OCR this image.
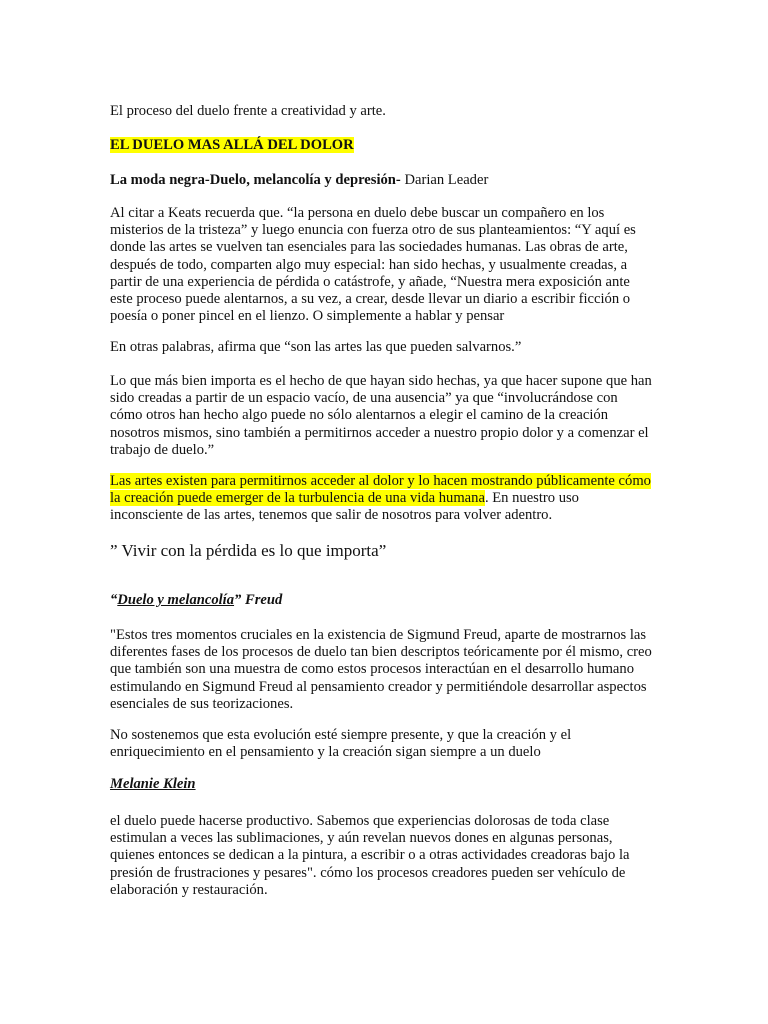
El proceso del duelo frente a creatividad y arte.

EL DUELO MAS ALLÁ DEL DOLOR

La moda negra-Duelo, melancolía y depresión- Darian Leader

Al citar a Keats recuerda que. “la persona en duelo debe buscar un compañero en los misterios de la tristeza” y luego enuncia con fuerza otro de sus planteamientos: “Y aquí es donde las artes se vuelven tan esenciales para las sociedades humanas. Las obras de arte, después de todo, comparten algo muy especial: han sido hechas, y usualmente creadas, a partir de una experiencia de pérdida o catástrofe, y añade, “Nuestra mera exposición ante este proceso puede alentarnos, a su vez, a crear, desde llevar un diario a escribir ficción o poesía o poner pincel en el lienzo. O simplemente a hablar y pensar

En otras palabras, afirma que “son las artes las que pueden salvarnos.”

Lo que más bien importa es el hecho de que hayan sido hechas, ya que hacer supone que han sido creadas a partir de un espacio vacío, de una ausencia” ya que “involucrándose con cómo otros han hecho algo puede no sólo alentarnos a elegir el camino de la creación nosotros mismos, sino también a permitirnos acceder a nuestro propio dolor y a comenzar el trabajo de duelo.”

Las artes existen para permitirnos acceder al dolor y lo hacen mostrando públicamente cómo la creación puede emerger de la turbulencia de una vida humana. En nuestro uso inconsciente de las artes, tenemos que salir de nosotros para volver adentro.

” Vivir con la pérdida es lo que importa”

“Duelo y melancolía” Freud

"Estos tres momentos cruciales en la existencia de Sigmund Freud, aparte de mostrarnos las diferentes fases de los procesos de duelo tan bien descriptos teóricamente por él mismo, creo que también son una muestra de como estos procesos interactúan en el desarrollo humano estimulando en Sigmund Freud al pensamiento creador y permitiéndole desarrollar aspectos esenciales de sus teorizaciones.

No sostenemos que esta evolución esté siempre presente, y que la creación y el enriquecimiento en el pensamiento y la creación sigan siempre a un duelo

Melanie Klein

el duelo puede hacerse productivo. Sabemos que experiencias dolorosas de toda clase estimulan a veces las sublimaciones, y aún revelan nuevos dones en algunas personas, quienes entonces se dedican a la pintura, a escribir o a otras actividades creadoras bajo la presión de frustraciones y pesares". cómo los procesos creadores pueden ser vehículo de elaboración y restauración.
